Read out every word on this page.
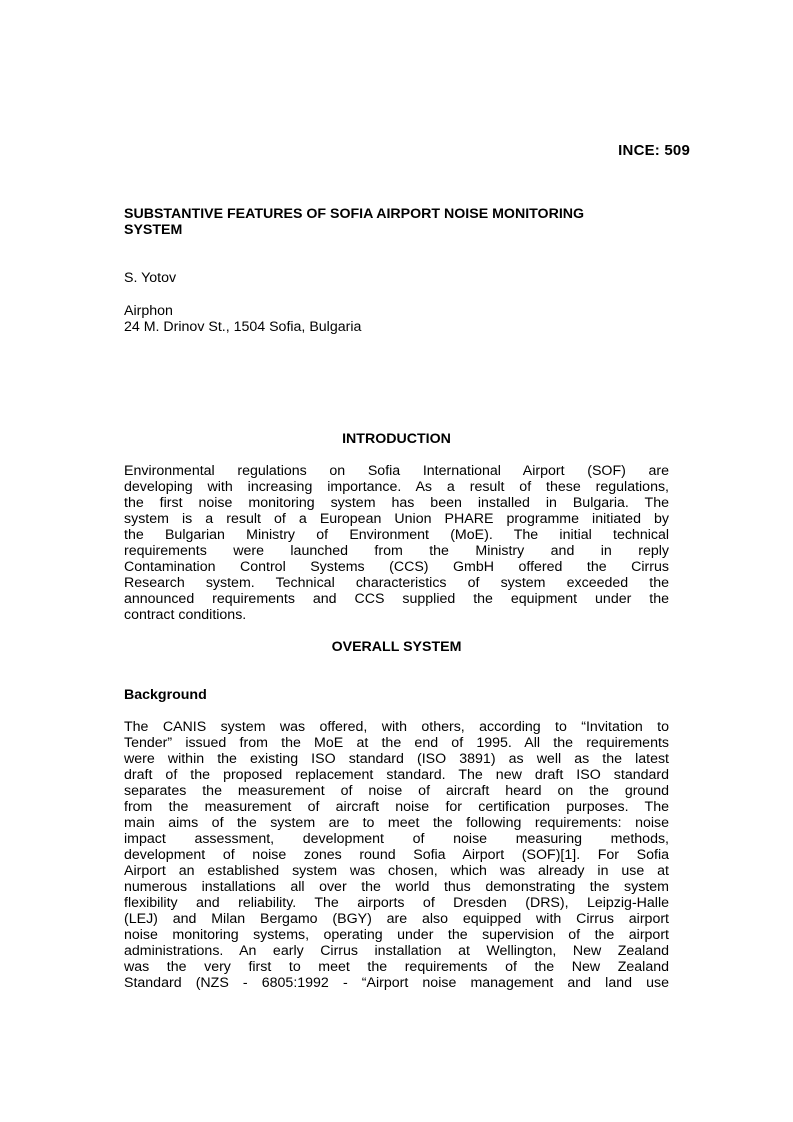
INCE: 509
SUBSTANTIVE FEATURES OF SOFIA AIRPORT NOISE MONITORING
SYSTEM
S. Yotov
Airphon
24 M. Drinov St., 1504 Sofia, Bulgaria
INTRODUCTION
Environmental regulations on Sofia International Airport (SOF) are
developing with increasing importance. As a result of these regulations,
the first noise monitoring system has been installed in Bulgaria. The
system is a result of a European Union PHARE programme initiated by
the Bulgarian Ministry of Environment (MoE). The initial technical
requirements were launched from the Ministry and in reply
Contamination Control Systems (CCS) GmbH offered the Cirrus
Research system. Technical characteristics of system exceeded the
announced requirements and CCS supplied the equipment under the
contract conditions.
OVERALL SYSTEM
Background
The CANIS system was offered, with others, according to “Invitation to
Tender” issued from the MoE at the end of 1995. All the requirements
were within the existing ISO standard (ISO 3891) as well as the latest
draft of the proposed replacement standard. The new draft ISO standard
separates the measurement of noise of aircraft heard on the ground
from the measurement of aircraft noise for certification purposes. The
main aims of the system are to meet the following requirements: noise
impact assessment, development of noise measuring methods,
development of noise zones round Sofia Airport (SOF)[1]. For Sofia
Airport an established system was chosen, which was already in use at
numerous installations all over the world thus demonstrating the system
flexibility and reliability. The airports of Dresden (DRS), Leipzig-Halle
(LEJ) and Milan Bergamo (BGY) are also equipped with Cirrus airport
noise monitoring systems, operating under the supervision of the airport
administrations. An early Cirrus installation at Wellington, New Zealand
was the very first to meet the requirements of the New Zealand
Standard (NZS - 6805:1992 - “Airport noise management and land use
